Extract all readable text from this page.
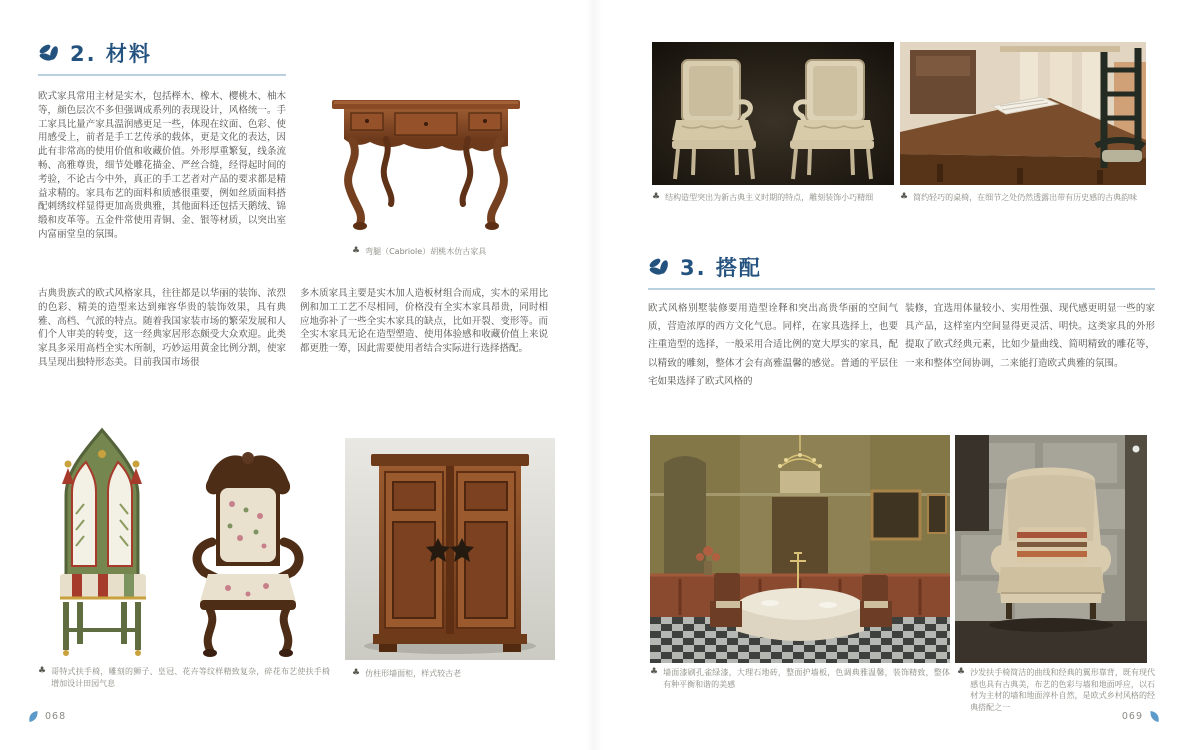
2. 材料

欧式家具常用主材是实木，包括榉木、橡木、樱桃木、柚木等，颜色层次不多但强调成系列的表现设计，风格统一。手工家具比量产家具温润感更足一些，体现在纹面、色彩、使用感受上，前者是手工艺传承的载体，更是文化的表达，因此有非常高的使用价值和收藏价值。外形厚重繁复，线条流畅、高雅尊贵，细节处雕花描金、严丝合缝，经得起时间的考验，不论古今中外，真正的手工艺者对产品的要求都是精益求精的。家具布艺的面料和质感很重要，例如丝质面料搭配刺绣纹样显得更加高贵典雅，其他面料还包括天鹅绒、锦缎和皮革等。五金件常使用青铜、金、银等材质，以突出室内富丽堂皇的氛围。

♣ 弯腿（Cabriole）胡桃木仿古家具

古典贵族式的欧式风格家具，往往都是以华丽的装饰、浓烈的色彩、精美的造型来达到雍容华贵的装饰效果，具有典雅、高档、气派的特点。随着我国家装市场的繁荣发展和人们个人审美的转变，这一经典家居形态颇受大众欢迎。此类家具多采用高档全实木所制，巧妙运用黄金比例分割，使家具呈现出独特形态美。目前我国市场很

多木质家具主要是实木加人造板材组合而成，实木的采用比例和加工工艺不尽相同，价格没有全实木家具昂贵，同时相应地弥补了一些全实木家具的缺点，比如开裂、变形等。而全实木家具无论在造型塑造、使用体验感和收藏价值上来说都更胜一筹，因此需要使用者结合实际进行选择搭配。

♣ 哥特式扶手椅，雕刻的狮子、皇冠、花卉等纹样精致复杂，碎花布艺使扶手椅增加设计田园气息
♣ 仿柱形墙面柜，样式较古老
068
♣ 结构造型突出为新古典主义时期的特点，雕刻装饰小巧精细	♣ 简约轻巧的桌椅，在细节之处仍然透露出带有历史感的古典韵味
3. 搭配

欧式风格别墅装修要用造型诠释和突出高贵华丽的空间气质，营造浓厚的西方文化气息。同样，在家具选择上，也要注重造型的选择，一般采用合适比例的宽大厚实的家具，配以精致的雕刻，整体才会有高雅温馨的感觉。普通的平层住宅如果选择了欧式风格的

装修，宜选用体量较小、实用性强、现代感更明显一些的家具产品，这样室内空间显得更灵活、明快。这类家具的外形提取了欧式经典元素，比如少量曲线、简明精致的雕花等，一来和整体空间协调，二来能打造欧式典雅的氛围。

♣ 墙面漆刷孔雀绿漆，大理石地砖，整面护墙板，色调典雅温馨，装饰精致，整体有种平衡和谐的美感
♣ 沙发扶手椅简洁的曲线和经典的翼形靠背，既有现代感也具有古典美，布艺的色彩与墙和地面呼应，以石材为主材的墙和地面淳朴自然，是欧式乡村风格的经典搭配之一
069
